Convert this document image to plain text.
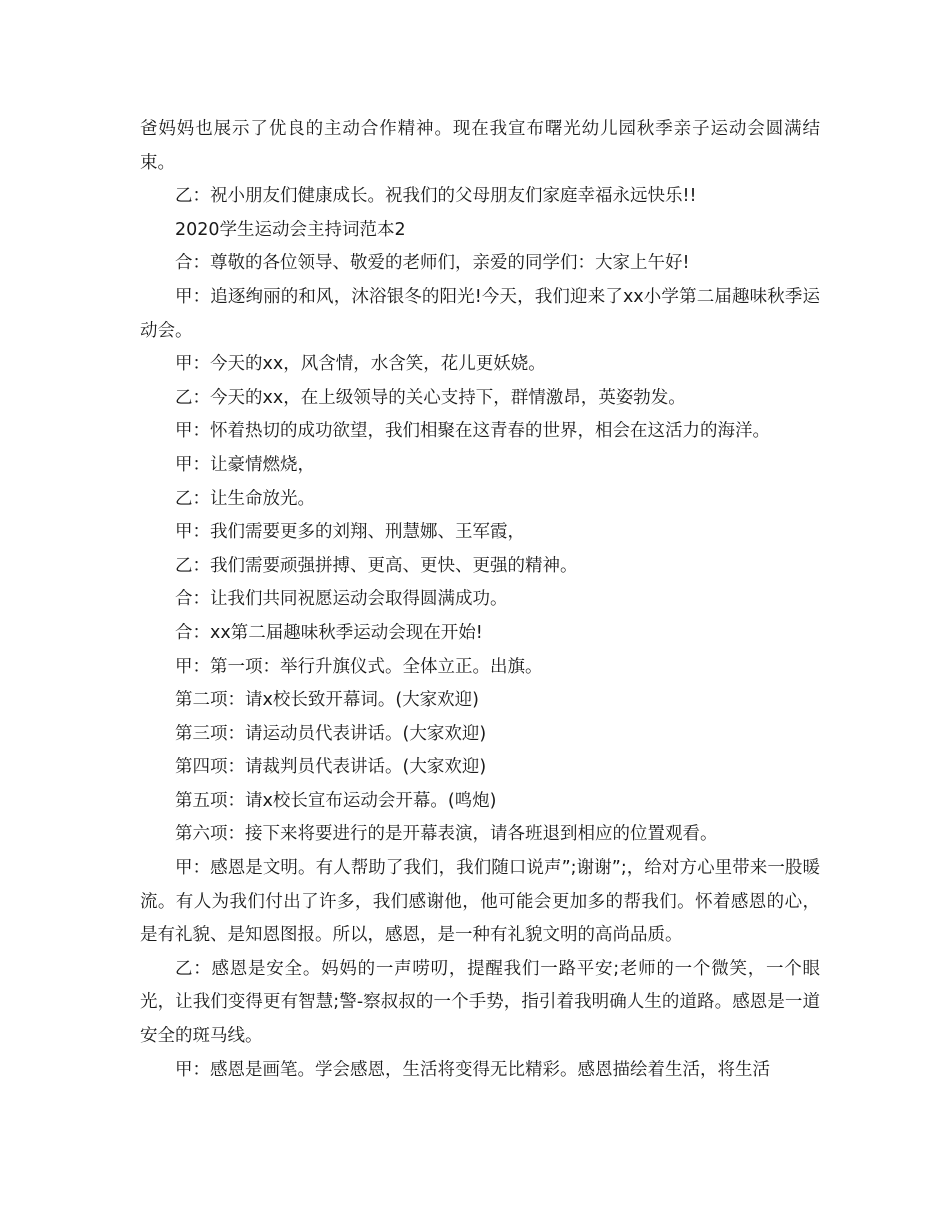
爸妈妈也展示了优良的主动合作精神。现在我宣布曙光幼儿园秋季亲子运动会圆满结束。

乙：祝小朋友们健康成长。祝我们的父母朋友们家庭幸福永远快乐!!

2020学生运动会主持词范本2

合：尊敬的各位领导、敬爱的老师们，亲爱的同学们：大家上午好!

甲：追逐绚丽的和风，沐浴银冬的阳光!今天，我们迎来了xx小学第二届趣味秋季运动会。

甲：今天的xx，风含情，水含笑，花儿更妖娆。

乙：今天的xx，在上级领导的关心支持下，群情激昂，英姿勃发。

甲：怀着热切的成功欲望，我们相聚在这青春的世界，相会在这活力的海洋。

甲：让豪情燃烧，

乙：让生命放光。

甲：我们需要更多的刘翔、刑慧娜、王军霞，

乙：我们需要顽强拼搏、更高、更快、更强的精神。

合：让我们共同祝愿运动会取得圆满成功。

合：xx第二届趣味秋季运动会现在开始!

甲：第一项：举行升旗仪式。全体立正。出旗。

第二项：请x校长致开幕词。(大家欢迎)

第三项：请运动员代表讲话。(大家欢迎)

第四项：请裁判员代表讲话。(大家欢迎)

第五项：请x校长宣布运动会开幕。(鸣炮)

第六项：接下来将要进行的是开幕表演，请各班退到相应的位置观看。

甲：感恩是文明。有人帮助了我们，我们随口说声”;谢谢”;，给对方心里带来一股暖流。有人为我们付出了许多，我们感谢他，他可能会更加多的帮我们。怀着感恩的心，是有礼貌、是知恩图报。所以，感恩，是一种有礼貌文明的高尚品质。

乙：感恩是安全。妈妈的一声唠叨，提醒我们一路平安;老师的一个微笑，一个眼光，让我们变得更有智慧;警-察叔叔的一个手势，指引着我明确人生的道路。感恩是一道安全的斑马线。

甲：感恩是画笔。学会感恩，生活将变得无比精彩。感恩描绘着生活，将生活
